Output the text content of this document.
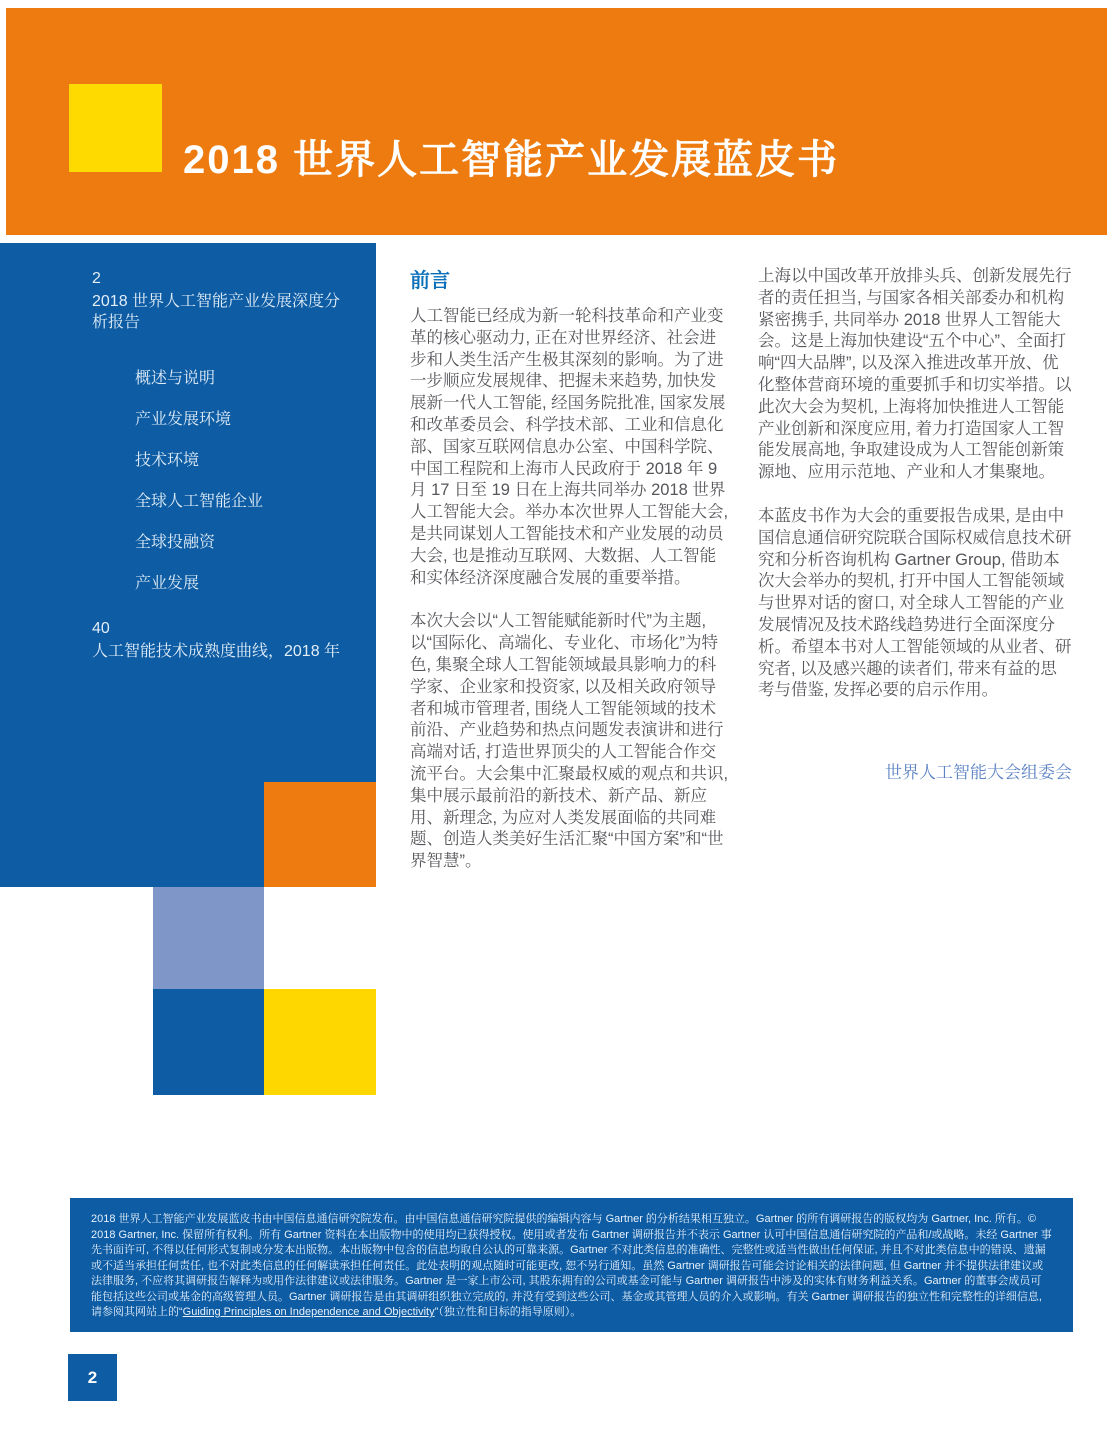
2018 世界人工智能产业发展蓝皮书
2
2018 世界人工智能产业发展深度分析报告
概述与说明
产业发展环境
技术环境
全球人工智能企业
全球投融资
产业发展
40
人工智能技术成熟度曲线，2018 年
前言

人工智能已经成为新一轮科技革命和产业变革的核心驱动力, 正在对世界经济、社会进步和人类生活产生极其深刻的影响。为了进一步顺应发展规律、把握未来趋势, 加快发展新一代人工智能, 经国务院批准, 国家发展和改革委员会、科学技术部、工业和信息化部、国家互联网信息办公室、中国科学院、中国工程院和上海市人民政府于 2018 年 9 月 17 日至 19 日在上海共同举办 2018 世界人工智能大会。举办本次世界人工智能大会, 是共同谋划人工智能技术和产业发展的动员大会, 也是推动互联网、大数据、人工智能和实体经济深度融合发展的重要举措。

本次大会以“人工智能赋能新时代”为主题, 以“国际化、高端化、专业化、市场化”为特色, 集聚全球人工智能领域最具影响力的科学家、企业家和投资家, 以及相关政府领导者和城市管理者, 围绕人工智能领域的技术前沿、产业趋势和热点问题发表演讲和进行高端对话, 打造世界顶尖的人工智能合作交流平台。大会集中汇聚最权威的观点和共识, 集中展示最前沿的新技术、新产品、新应用、新理念, 为应对人类发展面临的共同难题、创造人类美好生活汇聚“中国方案”和“世界智慧”。

上海以中国改革开放排头兵、创新发展先行者的责任担当, 与国家各相关部委办和机构紧密携手, 共同举办 2018 世界人工智能大会。这是上海加快建设“五个中心”、全面打响“四大品牌”, 以及深入推进改革开放、优化整体营商环境的重要抓手和切实举措。以此次大会为契机, 上海将加快推进人工智能产业创新和深度应用, 着力打造国家人工智能发展高地, 争取建设成为人工智能创新策源地、应用示范地、产业和人才集聚地。

本蓝皮书作为大会的重要报告成果, 是由中国信息通信研究院联合国际权威信息技术研究和分析咨询机构 Gartner Group, 借助本次大会举办的契机, 打开中国人工智能领域与世界对话的窗口, 对全球人工智能的产业发展情况及技术路线趋势进行全面深度分析。希望本书对人工智能领域的从业者、研究者, 以及感兴趣的读者们, 带来有益的思考与借鉴, 发挥必要的启示作用。

世界人工智能大会组委会
2018 世界人工智能产业发展蓝皮书由中国信息通信研究院发布。由中国信息通信研究院提供的编辑内容与 Gartner 的分析结果相互独立。Gartner 的所有调研报告的版权均为 Gartner, Inc. 所有。© 2018 Gartner, Inc. 保留所有权利。所有 Gartner 资料在本出版物中的使用均已获得授权。使用或者发布 Gartner 调研报告并不表示 Gartner 认可中国信息通信研究院的产品和/或战略。未经 Gartner 事先书面许可, 不得以任何形式复制或分发本出版物。本出版物中包含的信息均取自公认的可靠来源。Gartner 不对此类信息的准确性、完整性或适当性做出任何保证, 并且不对此类信息中的错误、遗漏或不适当承担任何责任, 也不对此类信息的任何解读承担任何责任。此处表明的观点随时可能更改, 恕不另行通知。虽然 Gartner 调研报告可能会讨论相关的法律问题, 但 Gartner 并不提供法律建议或法律服务, 不应将其调研报告解释为或用作法律建议或法律服务。Gartner 是一家上市公司, 其股东拥有的公司或基金可能与 Gartner 调研报告中涉及的实体有财务利益关系。Gartner 的董事会成员可能包括这些公司或基金的高级管理人员。Gartner 调研报告是由其调研组织独立完成的, 并没有受到这些公司、基金或其管理人员的介入或影响。有关 Gartner 调研报告的独立性和完整性的详细信息, 请参阅其网站上的“Guiding Principles on Independence and Objectivity”（独立性和目标的指导原则）。
2
